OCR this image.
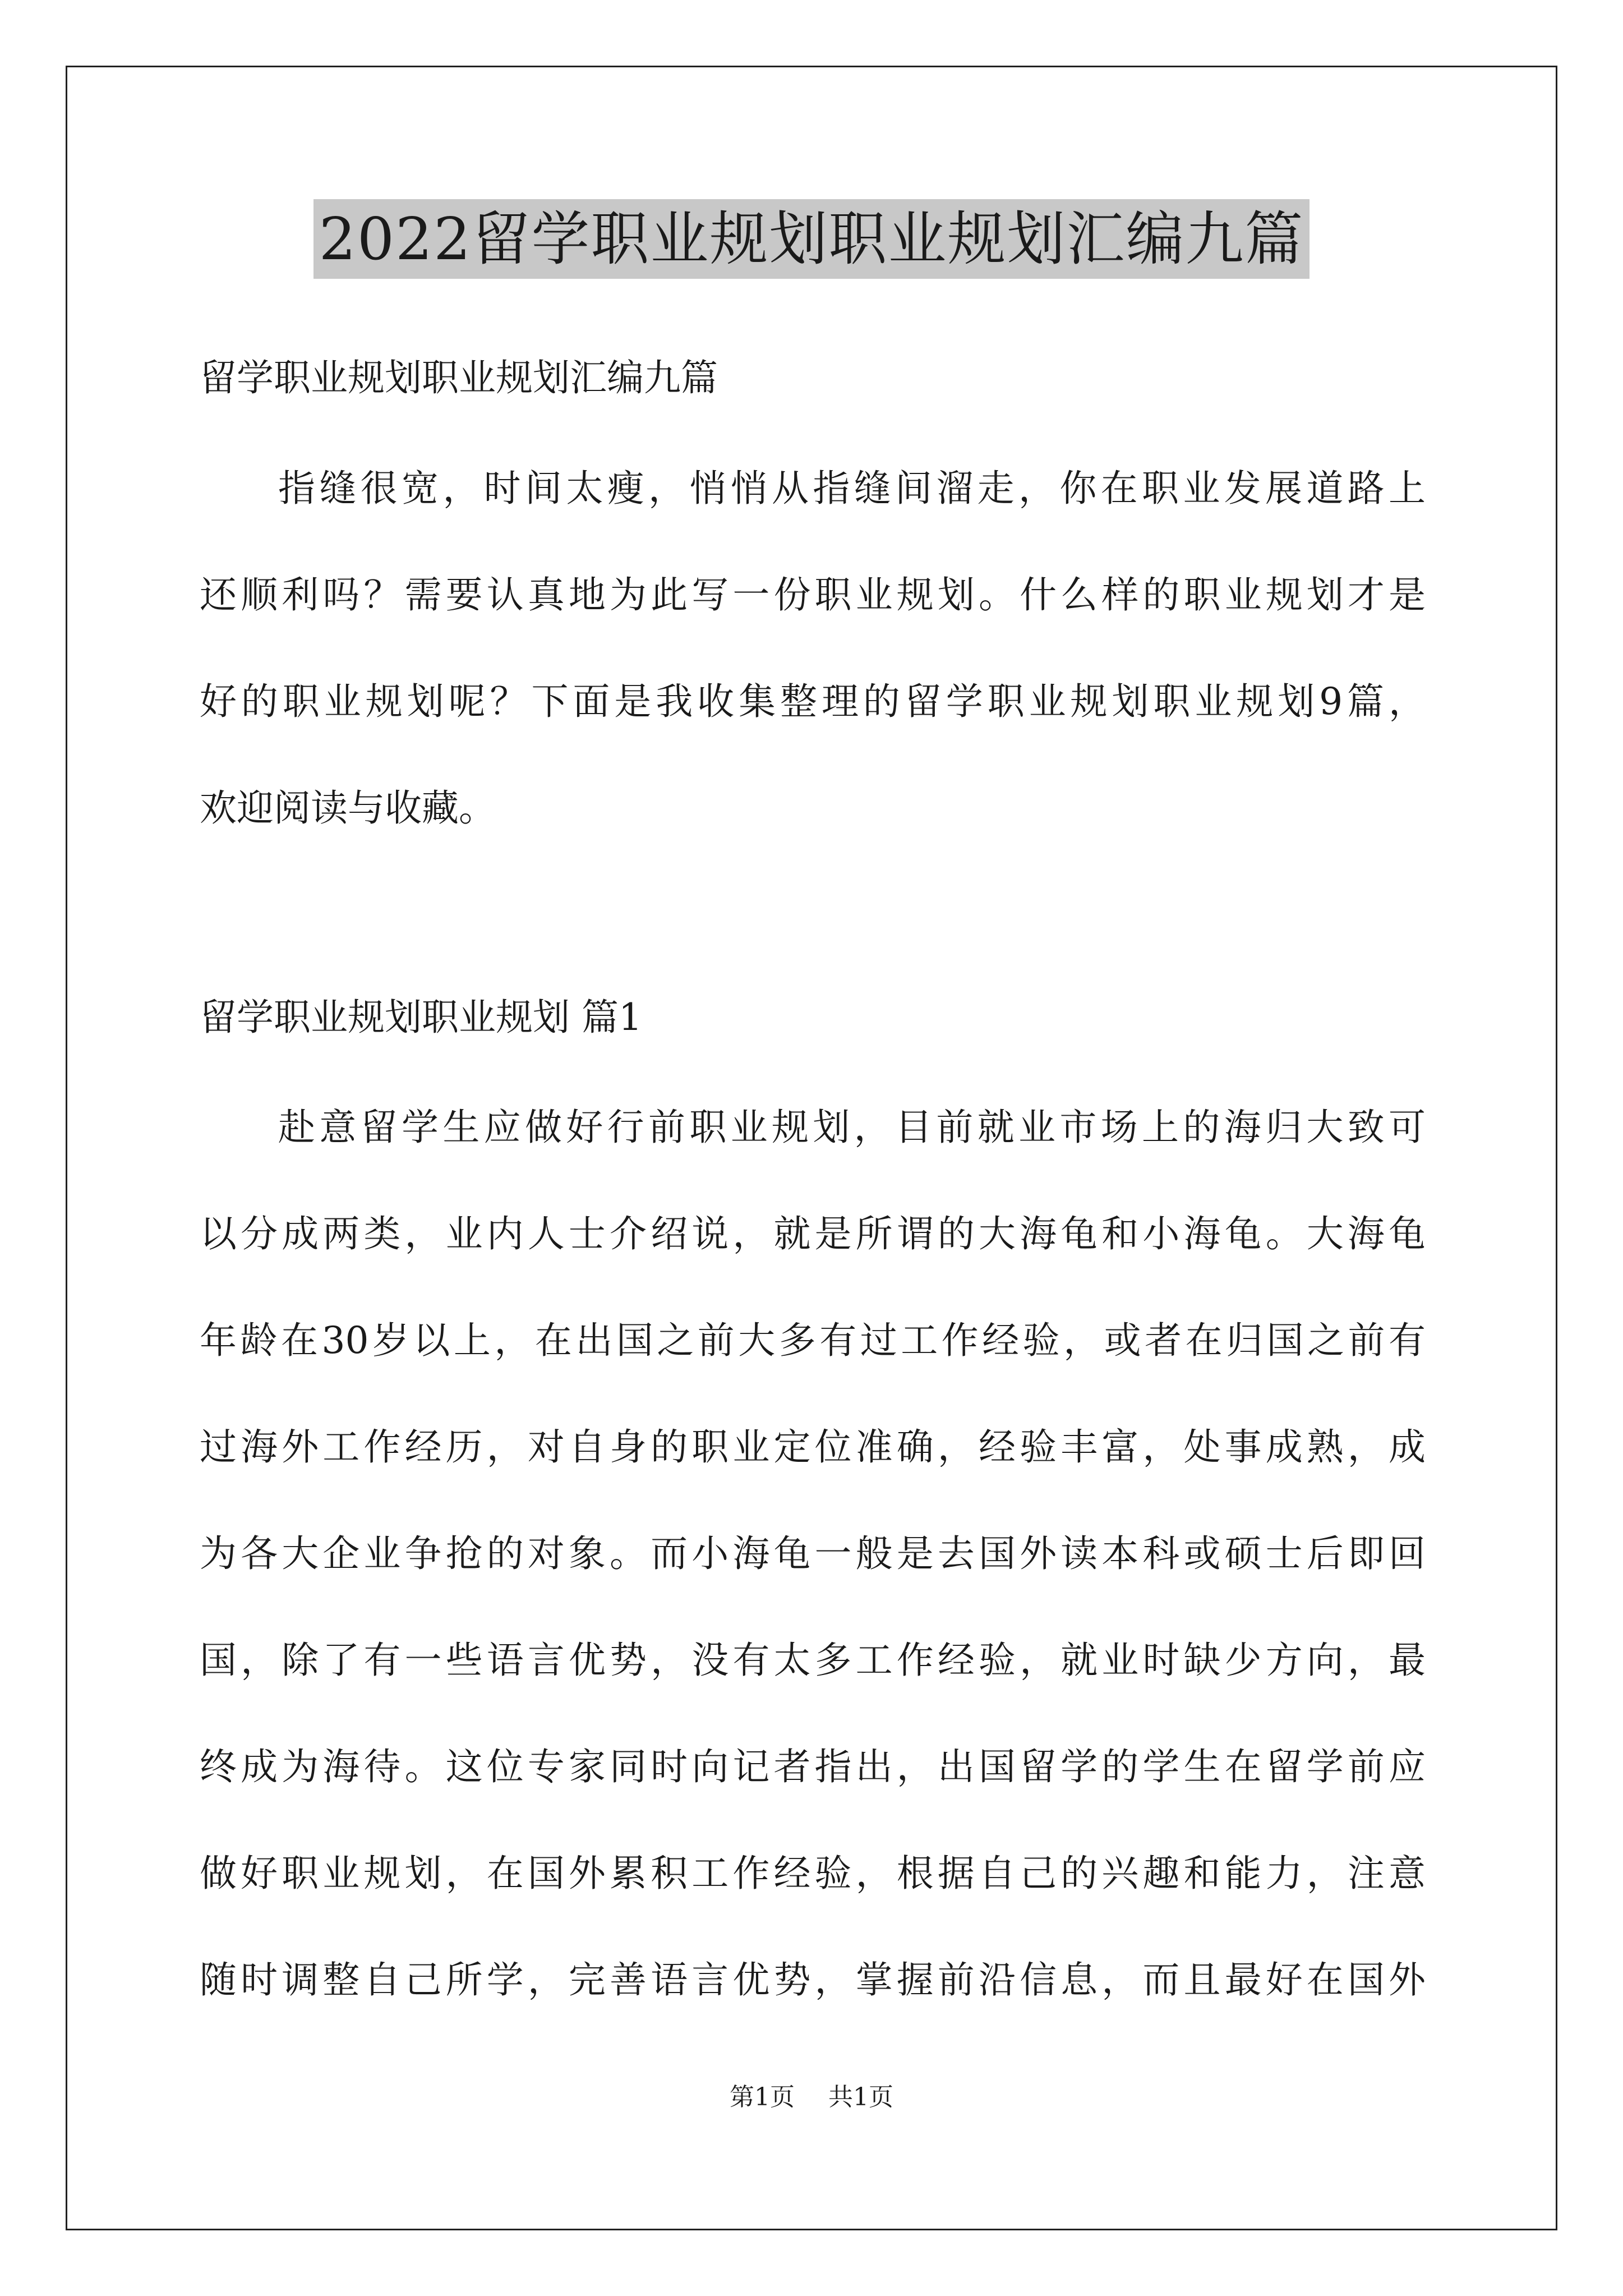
2022留学职业规划职业规划汇编九篇
留学职业规划职业规划汇编九篇
指缝很宽，时间太瘦，悄悄从指缝间溜走，你在职业发展道路上
还顺利吗？需要认真地为此写一份职业规划。什么样的职业规划才是
好的职业规划呢？下面是我收集整理的留学职业规划职业规划9篇，
欢迎阅读与收藏。
留学职业规划职业规划 篇1
赴意留学生应做好行前职业规划，目前就业市场上的海归大致可
以分成两类，业内人士介绍说，就是所谓的大海龟和小海龟。大海龟
年龄在30岁以上，在出国之前大多有过工作经验，或者在归国之前有
过海外工作经历，对自身的职业定位准确，经验丰富，处事成熟，成
为各大企业争抢的对象。而小海龟一般是去国外读本科或硕士后即回
国，除了有一些语言优势，没有太多工作经验，就业时缺少方向，最
终成为海待。这位专家同时向记者指出，出国留学的学生在留学前应
做好职业规划，在国外累积工作经验，根据自己的兴趣和能力，注意
随时调整自己所学，完善语言优势，掌握前沿信息，而且最好在国外
第1页 共1页
